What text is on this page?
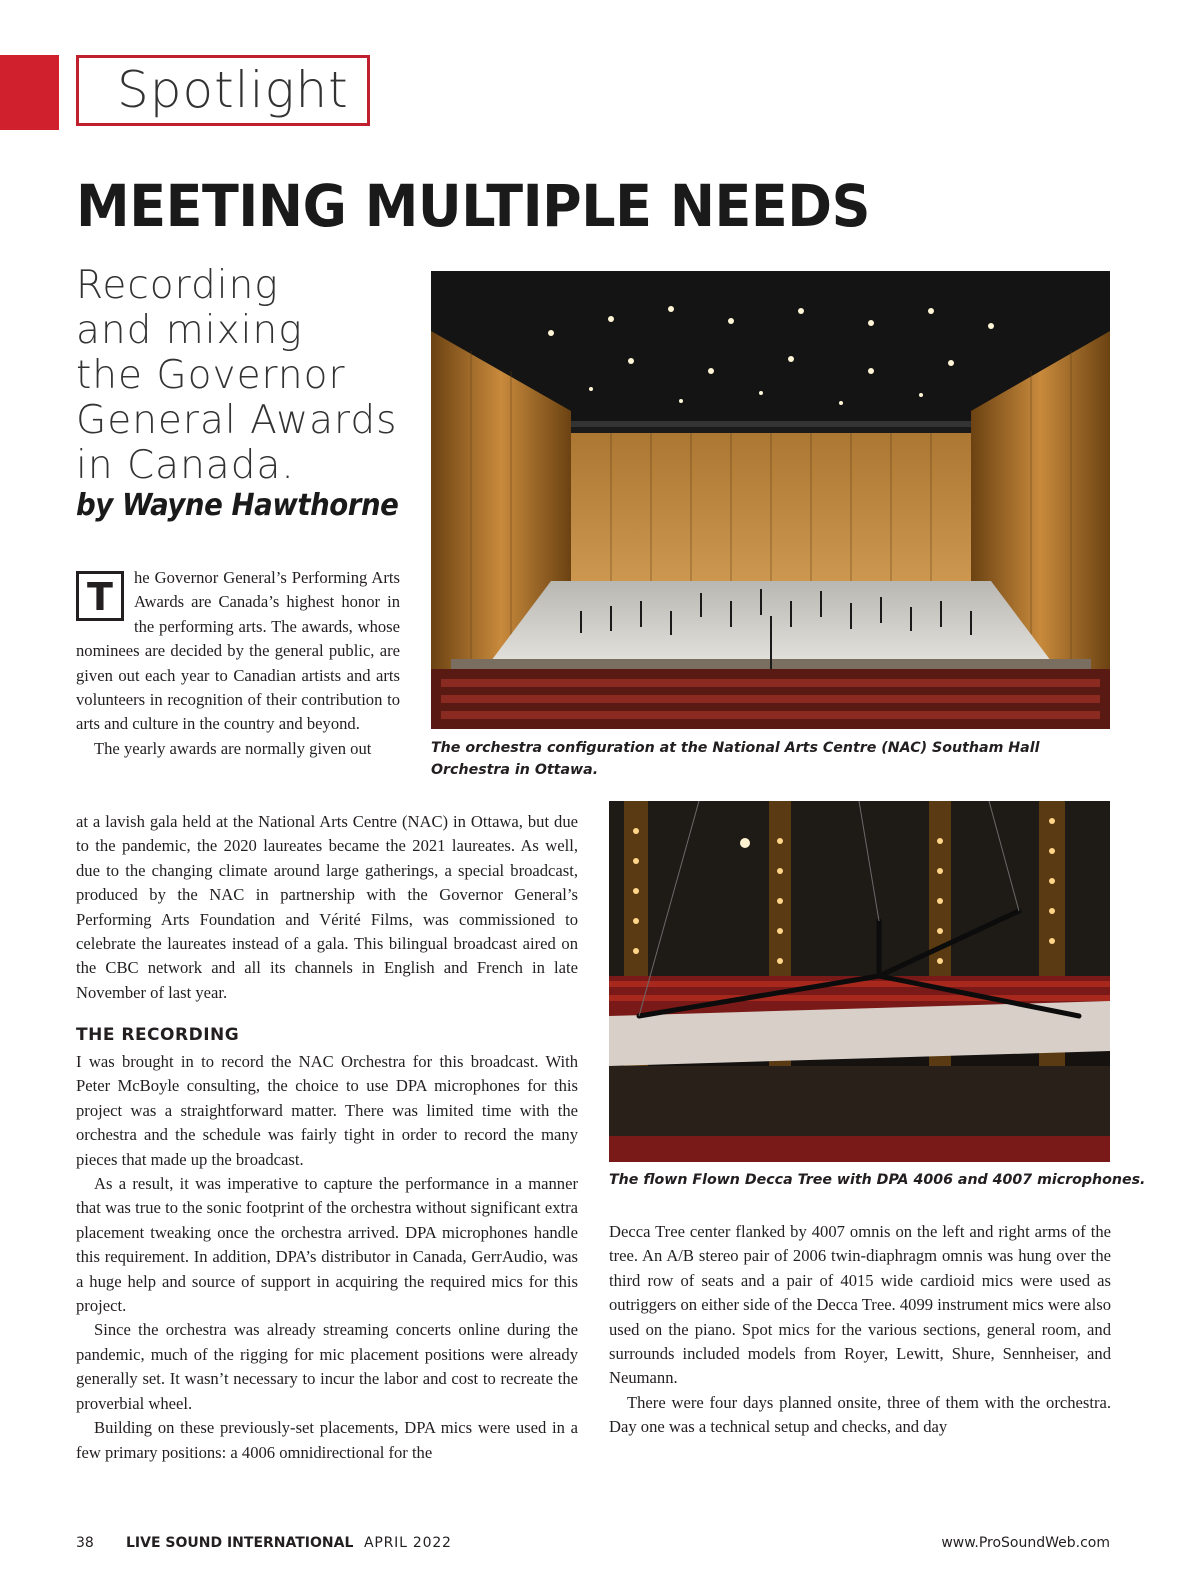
Spotlight
MEETING MULTIPLE NEEDS
Recording
and mixing
the Governor
General Awards
in Canada.
by Wayne Hawthorne

T	he Governor General’s Performing Arts Awards are Canada’s highest honor in the performing arts. The awards, whose nominees are decided by the general public, are given out each year to Canadian artists and arts volunteers in recognition of their contribution to arts and culture in the country and beyond.

The yearly awards are normally given out

at a lavish gala held at the National Arts Centre (NAC) in Ottawa, but due to the pandemic, the 2020 laureates became the 2021 laureates. As well, due to the changing climate around large gatherings, a special broadcast, produced by the NAC in partnership with the Governor General’s Performing Arts Foundation and Vérité Films, was commissioned to celebrate the laureates instead of a gala. This bilingual broadcast aired on the CBC network and all its channels in English and French in late November of last year.

THE RECORDING

I was brought in to record the NAC Orchestra for this broadcast. With Peter McBoyle consulting, the choice to use DPA microphones for this project was a straightforward matter. There was limited time with the orchestra and the schedule was fairly tight in order to record the many pieces that made up the broadcast.

As a result, it was imperative to capture the performance in a manner that was true to the sonic footprint of the orchestra without significant extra placement tweaking once the orchestra arrived. DPA microphones handle this requirement. In addition, DPA’s distributor in Canada, GerrAudio, was a huge help and source of support in acquiring the required mics for this project.

Since the orchestra was already streaming concerts online during the pandemic, much of the rigging for mic placement positions were already generally set. It wasn’t necessary to incur the labor and cost to recreate the proverbial wheel.

Building on these previously-set placements, DPA mics were used in a few primary positions: a 4006 omnidirectional for the

Decca Tree center flanked by 4007 omnis on the left and right arms of the tree. An A/B stereo pair of 2006 twin-diaphragm omnis was hung over the third row of seats and a pair of 4015 wide cardioid mics were used as outriggers on either side of the Decca Tree. 4099 instrument mics were also used on the piano. Spot mics for the various sections, general room, and surrounds included models from Royer, Lewitt, Shure, Sennheiser, and Neumann.

There were four days planned onsite, three of them with the orchestra. Day one was a technical setup and checks, and day

The orchestra configuration at the National Arts Centre (NAC) Southam Hall Orchestra in Ottawa.
The flown Flown Decca Tree with DPA 4006 and 4007 microphones.
38 LIVE SOUND INTERNATIONAL APRIL 2022	www.ProSoundWeb.com
